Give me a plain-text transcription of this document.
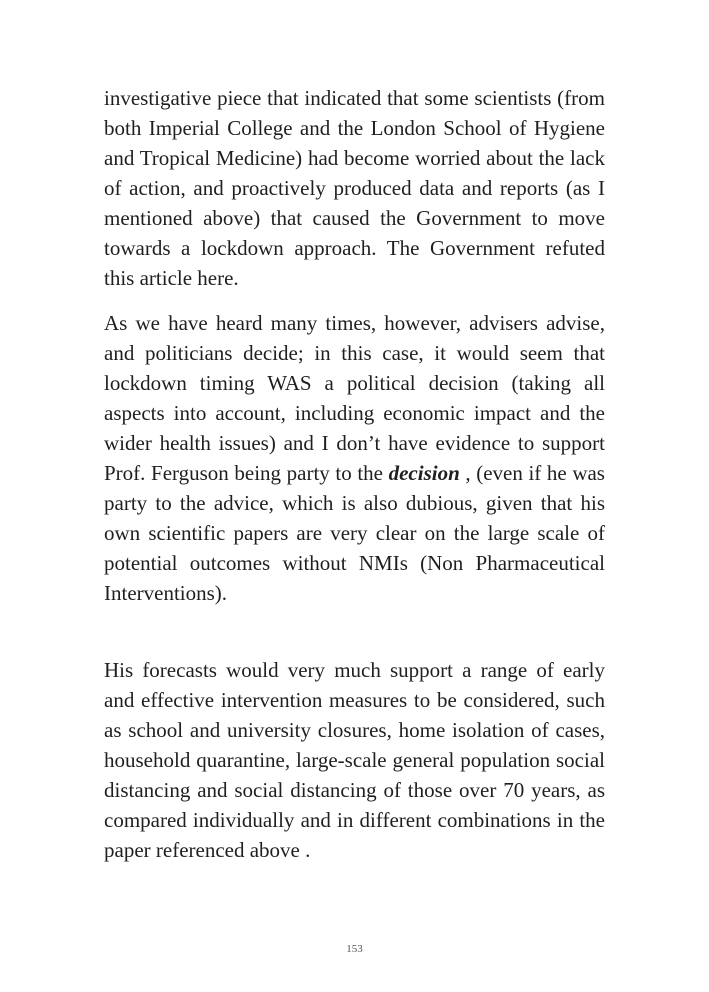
investigative piece that indicated that some scientists (from both Imperial College and the London School of Hygiene and Tropical Medicine) had become worried about the lack of action, and proactively produced data and reports (as I mentioned above) that caused the Government to move towards a lockdown approach. The Government refuted this article here.

As we have heard many times, however, advisers advise, and politicians decide; in this case, it would seem that lockdown timing WAS a political decision (taking all aspects into account, including economic impact and the wider health issues) and I don’t have evidence to support Prof. Ferguson being party to the decision , (even if he was party to the advice, which is also dubious, given that his own scientific papers are very clear on the large scale of potential outcomes without NMIs (Non Pharmaceutical Interventions).

His forecasts would very much support a range of early and effective intervention measures to be considered, such as school and university closures, home isolation of cases, household quarantine, large-scale general population social distancing and social distancing of those over 70 years, as compared individually and in different combinations in the paper referenced above .

153
